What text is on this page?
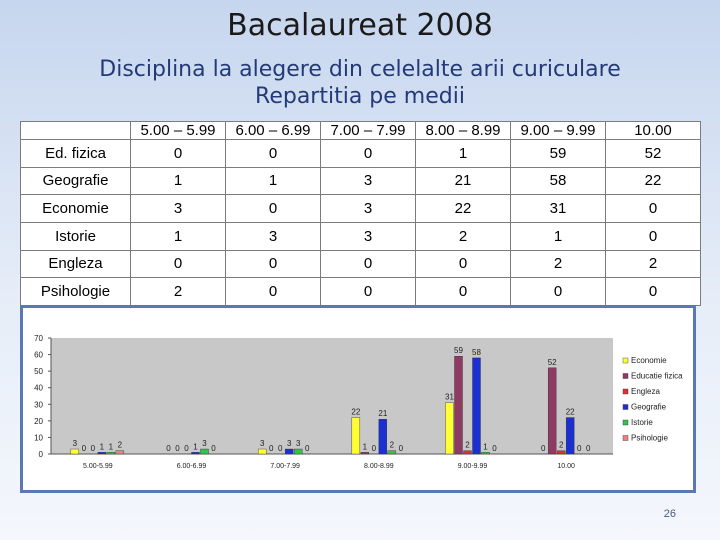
Bacalaureat 2008
Disciplina la alegere din celelalte arii curiculare
Repartitia pe medii
	5.00 – 5.99	6.00 – 6.99	7.00 – 7.99	8.00 – 8.99	9.00 – 9.99	10.00
Ed. fizica	0	0	0	1	59	52
Geografie	1	1	3	21	58	22
Economie	3	0	3	22	31	0
Istorie	1	3	3	2	1	0
Engleza	0	0	0	0	2	2
Psihologie	2	0	0	0	0	0
0
10
20
30
40
50
60
70
3
0 0 1 1 2
5.00-5.99
0 0 0 1 3
0
6.00-6.99
3
0 0
3 3
0
7.00-7.99
22
1 0
21
2 0
8.00-8.99
31
59
2
58
1 0
9.00-9.99
0
52
2
22
0 0
10.00
Economie
Educatie fizica
Engleza
Geografie
Istorie
Psihologie
26
